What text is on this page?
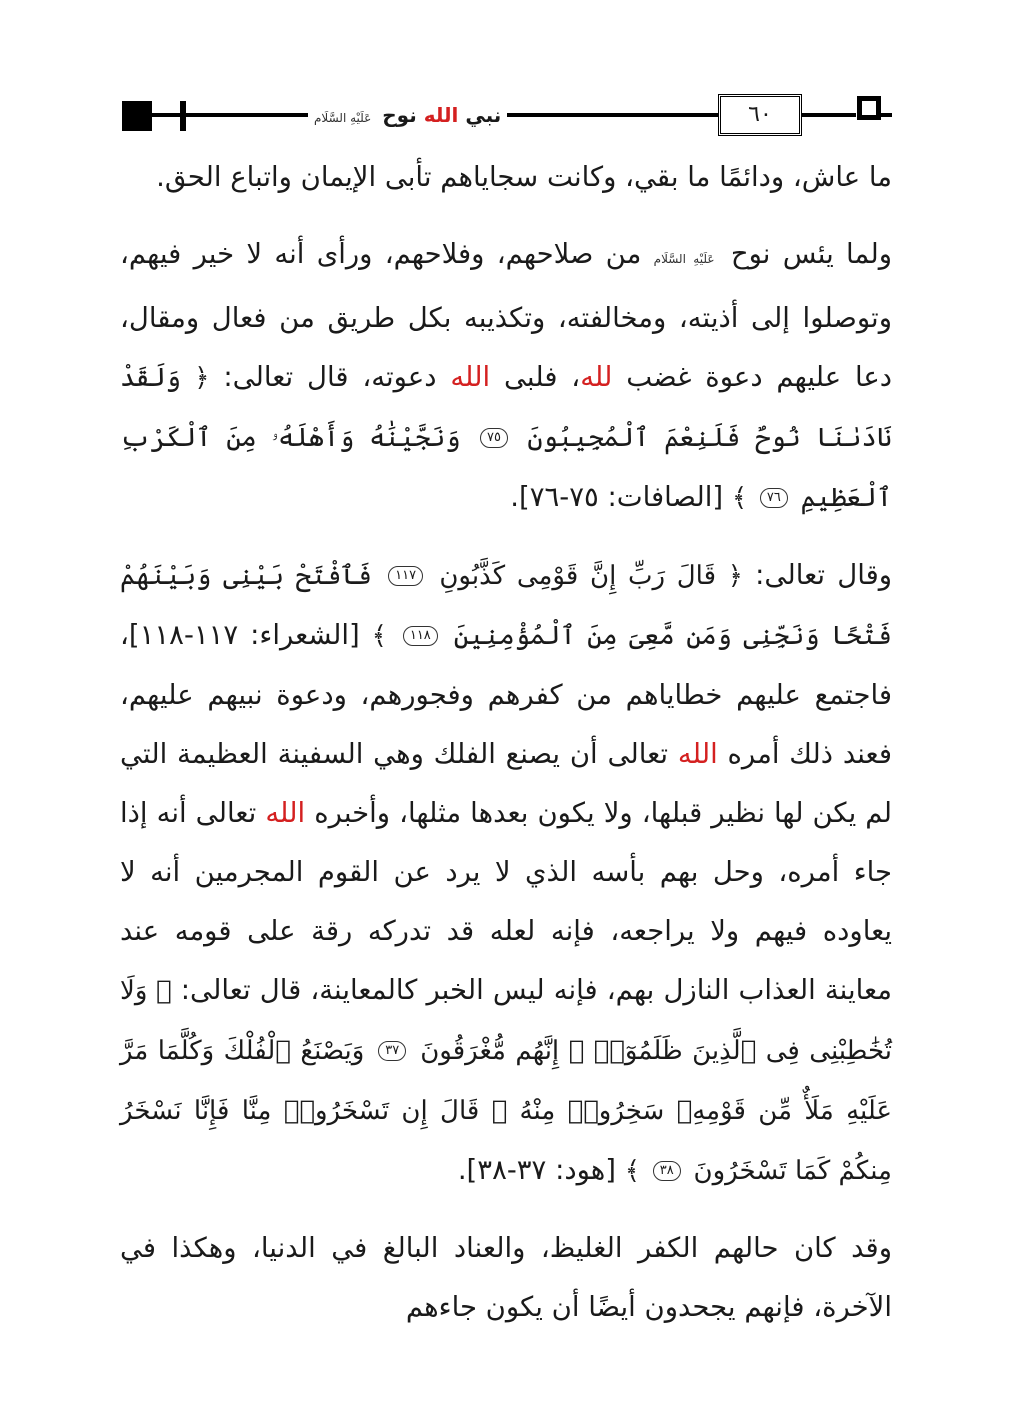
نبي الله نوح عَلَيْهِ السَّلَام	٦٠

ما عاش، ودائمًا ما بقي، وكانت سجاياهم تأبى الإيمان واتباع الحق.

ولما يئس نوح عَلَيْهِ السَّلَام من صلاحهم، وفلاحهم، ورأى أنه لا خير فيهم، وتوصلوا إلى أذيته، ومخالفته، وتكذيبه بكل طريق من فعال ومقال، دعا عليهم دعوة غضب لله، فلبى الله دعوته، قال تعالى: ﴿ وَلَقَدْ نَادَىٰنَا نُوحٌ فَلَنِعْمَ ٱلْمُجِيبُونَ ٧٥ وَنَجَّيْنَٰهُ وَأَهْلَهُۥ مِنَ ٱلْكَرْبِ ٱلْعَظِيمِ ٧٦ ﴾ [الصافات: ٧٥-٧٦].

وقال تعالى: ﴿ قَالَ رَبِّ إِنَّ قَوْمِى كَذَّبُونِ ١١٧ فَٱفْتَحْ بَيْنِى وَبَيْنَهُمْ فَتْحًا وَنَجِّنِى وَمَن مَّعِىَ مِنَ ٱلْمُؤْمِنِينَ ١١٨ ﴾ [الشعراء: ١١٧-١١٨]، فاجتمع عليهم خطاياهم من كفرهم وفجورهم، ودعوة نبيهم عليهم، فعند ذلك أمره الله تعالى أن يصنع الفلك وهي السفينة العظيمة التي لم يكن لها نظير قبلها، ولا يكون بعدها مثلها، وأخبره الله تعالى أنه إذا جاء أمره، وحل بهم بأسه الذي لا يرد عن القوم المجرمين أنه لا يعاوده فيهم ولا يراجعه، فإنه لعله قد تدركه رقة على قومه عند معاينة العذاب النازل بهم، فإنه ليس الخبر كالمعاينة، قال تعالى: ﴿ وَلَا تُخَٰطِبْنِى فِى ٱلَّذِينَ ظَلَمُوٓا۟ ۚ إِنَّهُم مُّغْرَقُونَ ٣٧ وَيَصْنَعُ ٱلْفُلْكَ وَكُلَّمَا مَرَّ عَلَيْهِ مَلَأٌ مِّن قَوْمِهِۦ سَخِرُوا۟ مِنْهُ ۚ قَالَ إِن تَسْخَرُوا۟ مِنَّا فَإِنَّا نَسْخَرُ مِنكُمْ كَمَا تَسْخَرُونَ ٣٨ ﴾ [هود: ٣٧-٣٨].

وقد كان حالهم الكفر الغليظ، والعناد البالغ في الدنيا، وهكذا في الآخرة، فإنهم يجحدون أيضًا أن يكون جاءهم
